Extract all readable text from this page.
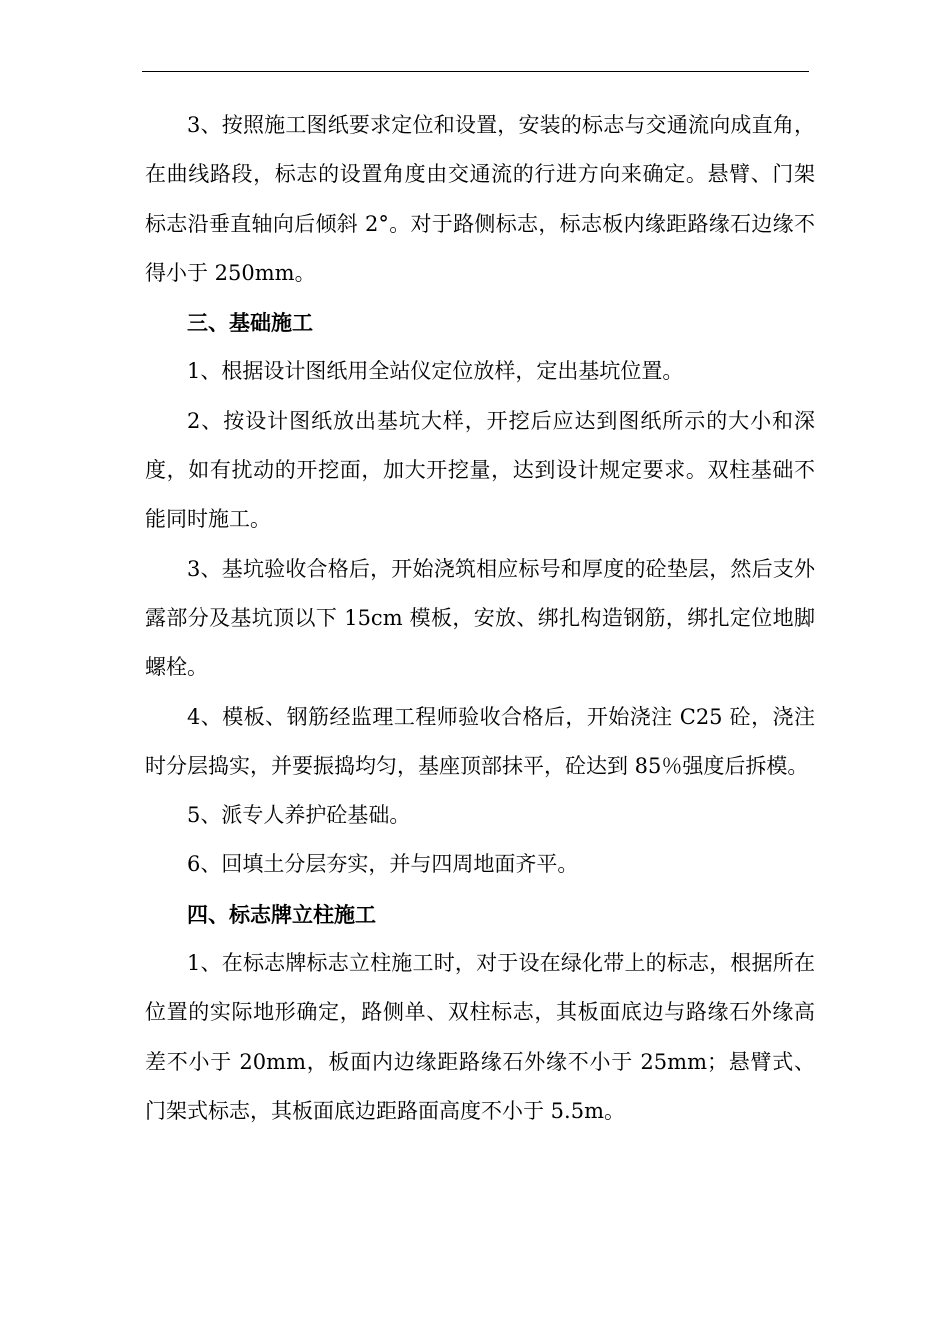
3、按照施工图纸要求定位和设置，安装的标志与交通流向成直角，在曲线路段，标志的设置角度由交通流的行进方向来确定。悬臂、门架标志沿垂直轴向后倾斜 2°。对于路侧标志，标志板内缘距路缘石边缘不得小于 250mm。

三、基础施工

1、根据设计图纸用全站仪定位放样，定出基坑位置。

2、按设计图纸放出基坑大样，开挖后应达到图纸所示的大小和深度，如有扰动的开挖面，加大开挖量，达到设计规定要求。双柱基础不能同时施工。

3、基坑验收合格后，开始浇筑相应标号和厚度的砼垫层，然后支外露部分及基坑顶以下 15cm 模板，安放、绑扎构造钢筋，绑扎定位地脚螺栓。

4、模板、钢筋经监理工程师验收合格后，开始浇注 C25 砼，浇注时分层捣实，并要振捣均匀，基座顶部抹平，砼达到 85％强度后拆模。

5、派专人养护砼基础。

6、回填土分层夯实，并与四周地面齐平。

四、标志牌立柱施工

1、在标志牌标志立柱施工时，对于设在绿化带上的标志，根据所在位置的实际地形确定，路侧单、双柱标志，其板面底边与路缘石外缘高差不小于 20mm，板面内边缘距路缘石外缘不小于 25mm；悬臂式、门架式标志，其板面底边距路面高度不小于 5.5m。
